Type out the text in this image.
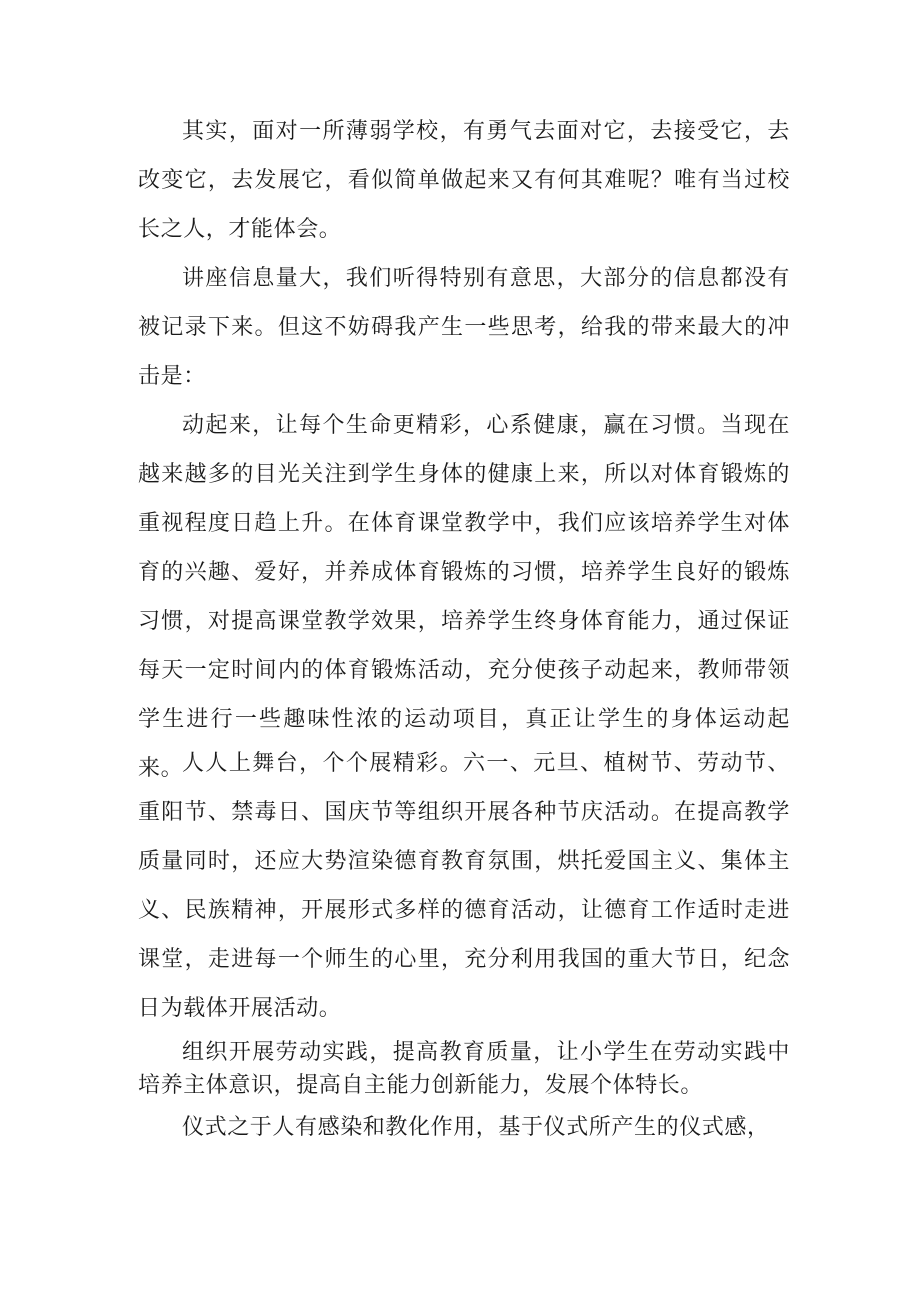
其实，面对一所薄弱学校，有勇气去面对它，去接受它，去改变它，去发展它，看似简单做起来又有何其难呢？唯有当过校长之人，才能体会。

讲座信息量大，我们听得特别有意思，大部分的信息都没有被记录下来。但这不妨碍我产生一些思考，给我的带来最大的冲击是：

动起来，让每个生命更精彩，心系健康，赢在习惯。当现在越来越多的目光关注到学生身体的健康上来，所以对体育锻炼的重视程度日趋上升。在体育课堂教学中，我们应该培养学生对体育的兴趣、爱好，并养成体育锻炼的习惯，培养学生良好的锻炼习惯，对提高课堂教学效果，培养学生终身体育能力，通过保证每天一定时间内的体育锻炼活动，充分使孩子动起来，教师带领学生进行一些趣味性浓的运动项目，真正让学生的身体运动起来。

人人上舞台，个个展精彩。六一、元旦、植树节、劳动节、重阳节、禁毒日、国庆节等组织开展各种节庆活动。在提高教学质量同时，还应大势渲染德育教育氛围，烘托爱国主义、集体主义、民族精神，开展形式多样的德育活动，让德育工作适时走进课堂，走进每一个师生的心里，充分利用我国的重大节日，纪念日为载体开展活动。

组织开展劳动实践，提高教育质量，让小学生在劳动实践中培养主体意识，提高自主能力创新能力，发展个体特长。

仪式之于人有感染和教化作用，基于仪式所产生的仪式感，
